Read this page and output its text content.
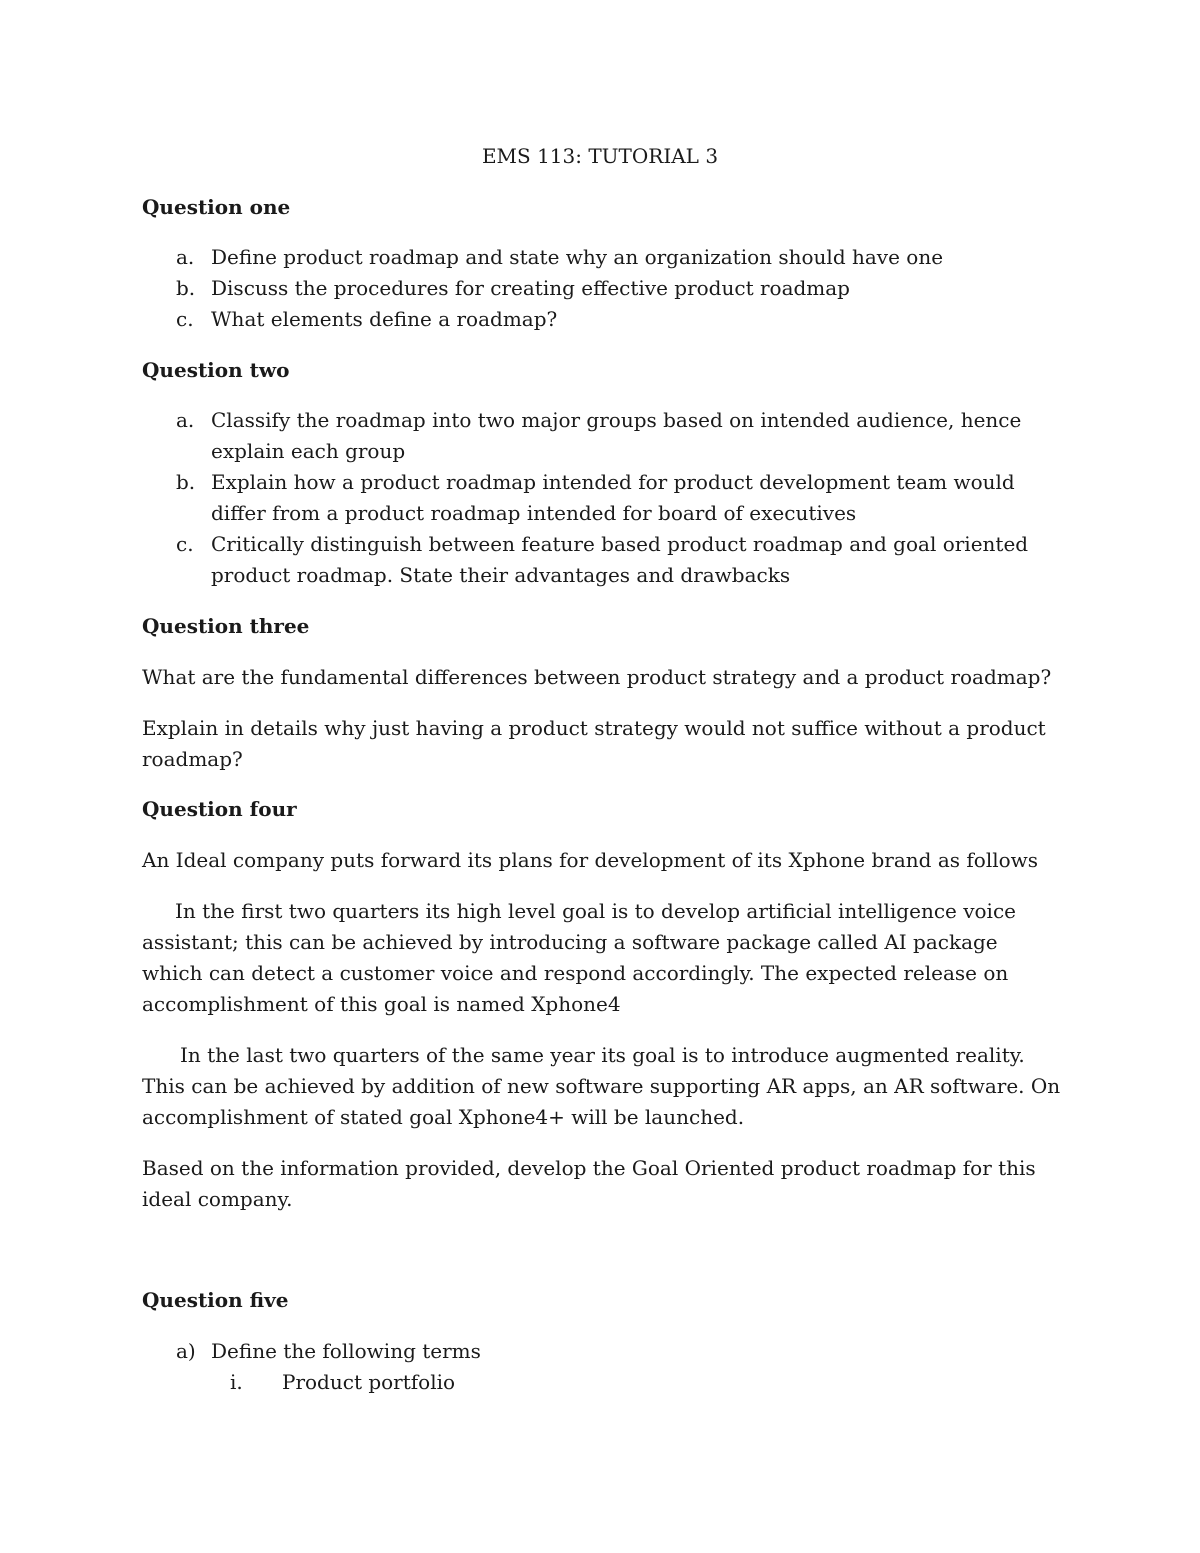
EMS 113: TUTORIAL 3
Question one
a. Define product roadmap and state why an organization should have one
b. Discuss the procedures for creating effective product roadmap
c. What elements define a roadmap?
Question two
a. Classify the roadmap into two major groups based on intended audience, hence explain each group
b. Explain how a product roadmap intended for product development team would differ from a product roadmap intended for board of executives
c. Critically distinguish between feature based product roadmap and goal oriented product roadmap. State their advantages and drawbacks
Question three
What are the fundamental differences between product strategy and a product roadmap?
Explain in details why just having a product strategy would not suffice without a product roadmap?
Question four
An Ideal company puts forward its plans for development of its Xphone brand as follows
In the first two quarters its high level goal is to develop artificial intelligence voice assistant; this can be achieved by introducing a software package called AI package which can detect a customer voice and respond accordingly. The expected release on accomplishment of this goal is named Xphone4
In the last two quarters of the same year its goal is to introduce augmented reality. This can be achieved by addition of new software supporting AR apps, an AR software. On accomplishment of stated goal Xphone4+ will be launched.
Based on the information provided, develop the Goal Oriented product roadmap for this ideal company.
Question five
a) Define the following terms
i. Product portfolio
